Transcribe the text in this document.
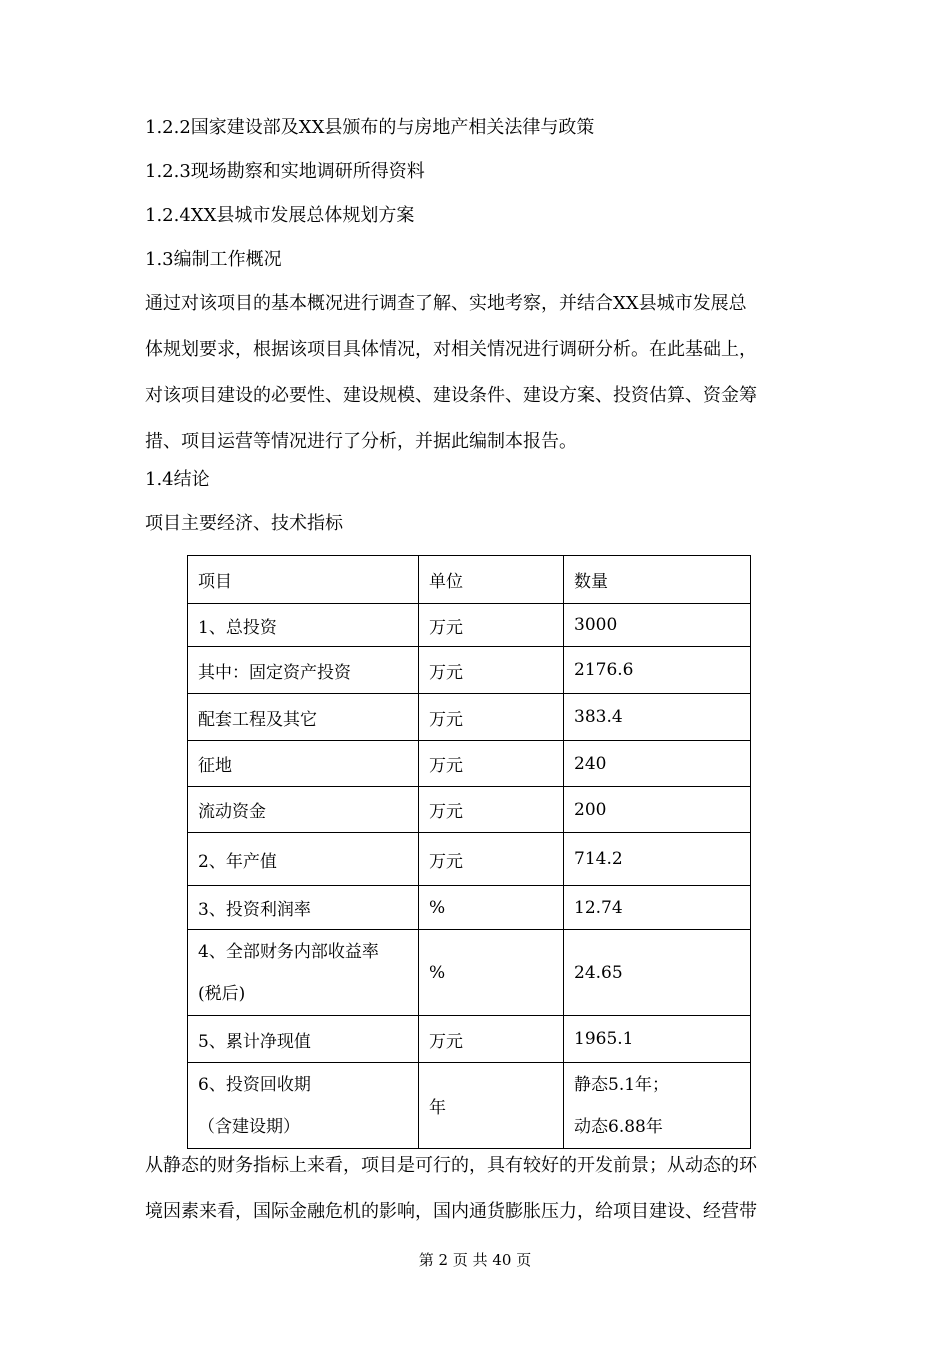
1.2.2国家建设部及XX县颁布的与房地产相关法律与政策
1.2.3现场勘察和实地调研所得资料
1.2.4XX县城市发展总体规划方案
1.3编制工作概况
通过对该项目的基本概况进行调查了解、实地考察，并结合XX县城市发展总
体规划要求，根据该项目具体情况，对相关情况进行调研分析。在此基础上，
对该项目建设的必要性、建设规模、建设条件、建设方案、投资估算、资金筹
措、项目运营等情况进行了分析，并据此编制本报告。
1.4结论
项目主要经济、技术指标
项目	单位	数量
1、总投资	万元	3000
其中：固定资产投资	万元	2176.6
配套工程及其它	万元	383.4
征地	万元	240
流动资金	万元	200
2、年产值	万元	714.2
3、投资利润率	%	12.74

4、全部财务内部收益率
(税后)	%	24.65
5、累计净现值	万元	1965.1

6、投资回收期
（含建设期）	年	静态5.1年；
动态6.88年
从静态的财务指标上来看，项目是可行的，具有较好的开发前景；从动态的环
境因素来看，国际金融危机的影响，国内通货膨胀压力，给项目建设、经营带
第 2 页 共 40 页
